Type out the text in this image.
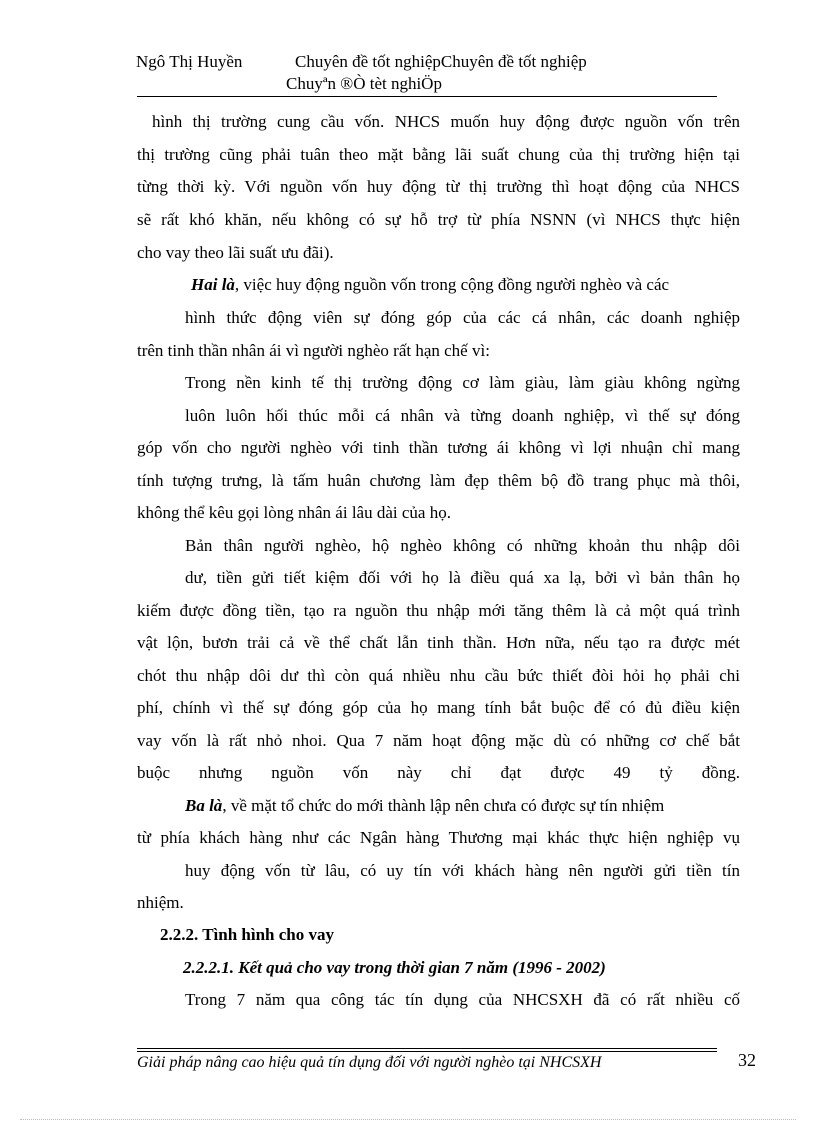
Ngô Thị Huyền	Chuyên đề tốt nghiệpChuyên đề tốt nghiệp
Chuyªn ®Ò tèt nghiÖp
hình thị trường cung cầu vốn. NHCS muốn huy động được nguồn vốn trên
thị trường cũng phải tuân theo mặt bằng lãi suất chung của thị trường hiện tại
từng thời kỳ. Với nguồn vốn huy động từ thị trường thì hoạt động của NHCS
sẽ rất khó khăn, nếu không có sự hỗ trợ từ phía NSNN (vì NHCS thực hiện
cho vay theo lãi suất ưu đãi).
Hai là, việc huy động nguồn vốn trong cộng đồng người nghèo và các
hình thức động viên sự đóng góp của các cá nhân, các doanh nghiệp
trên tinh thần nhân ái vì người nghèo rất hạn chế vì:
Trong nền kinh tế thị trường động cơ làm giàu, làm giàu không ngừng
luôn luôn hối thúc mỗi cá nhân và từng doanh nghiệp, vì thế sự đóng
góp vốn cho người nghèo với tinh thần tương ái không vì lợi nhuận chỉ mang
tính tượng trưng, là tấm huân chương làm đẹp thêm bộ đồ trang phục mà thôi,
không thể kêu gọi lòng nhân ái lâu dài của họ.
Bản thân người nghèo, hộ nghèo không có những khoản thu nhập dôi
dư, tiền gửi tiết kiệm đối với họ là điều quá xa lạ, bởi vì bản thân họ
kiếm được đồng tiền, tạo ra nguồn thu nhập mới tăng thêm là cả một quá trình
vật lộn, bươn trải cả về thể chất lẫn tinh thần. Hơn nữa, nếu tạo ra được mét
chót thu nhập dôi dư thì còn quá nhiều nhu cầu bức thiết đòi hỏi họ phải chi
phí, chính vì thế sự đóng góp của họ mang tính bắt buộc để có đủ điều kiện
vay vốn là rất nhỏ nhoi. Qua 7 năm hoạt động mặc dù có những cơ chế bắt
buộc nhưng nguồn vốn này chỉ đạt được 49 tỷ đồng.
Ba là, về mặt tổ chức do mới thành lập nên chưa có được sự tín nhiệm
từ phía khách hàng như các Ngân hàng Thương mại khác thực hiện nghiệp vụ
huy động vốn từ lâu, có uy tín với khách hàng nên người gửi tiền tín
nhiệm.
2.2.2. Tình hình cho vay
2.2.2.1. Kết quả cho vay trong thời gian 7 năm (1996 - 2002)
Trong 7 năm qua công tác tín dụng của NHCSXH đã có rất nhiều cố
Giải pháp nâng cao hiệu quả tín dụng đối với người nghèo tại NHCSXH	32
